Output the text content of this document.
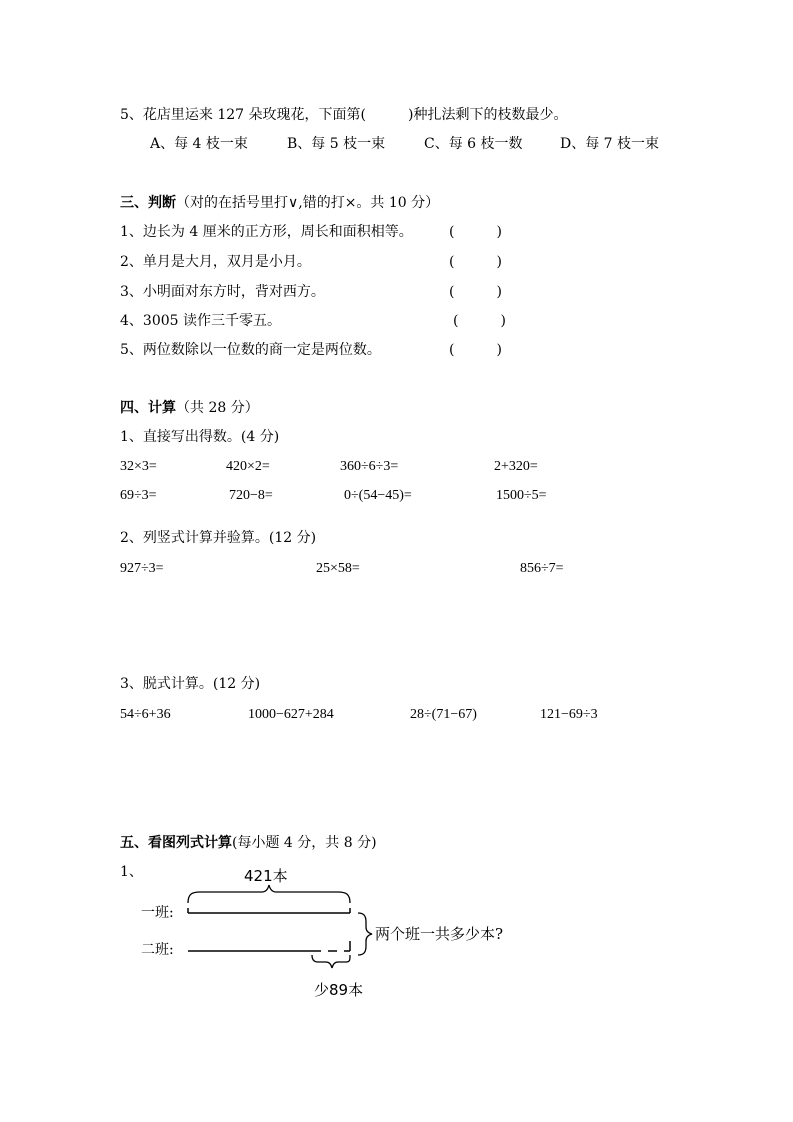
5、花店里运来 127 朵玫瑰花，下面第(　　　)种扎法剩下的枝数最少。
A、每 4 枝一束	B、每 5 枝一束	C、每 6 枝一数	D、每 7 枝一束
三、判断（对的在括号里打∨,错的打×。共 10 分）
1、边长为 4 厘米的正方形，周长和面积相等。	(　　　)
2、单月是大月，双月是小月。	(　　　)
3、小明面对东方时，背对西方。	(　　　)
4、3005 读作三千零五。	(　　　)
5、两位数除以一位数的商一定是两位数。	(　　　)
四、计算（共 28 分）
1、直接写出得数。(4 分)
32×3=	420×2=	360÷6÷3=	2+320=
69÷3=	720−8=	0÷(54−45)=	1500÷5=
2、列竖式计算并验算。(12 分)
927÷3=	25×58=	856÷7=
3、脱式计算。(12 分)
54÷6+36	1000−627+284	28÷(71−67)	121−69÷3
五、看图列式计算(每小题 4 分，共 8 分)
1、	421本
一班:
二班:
两个班一共多少本?
少89本
